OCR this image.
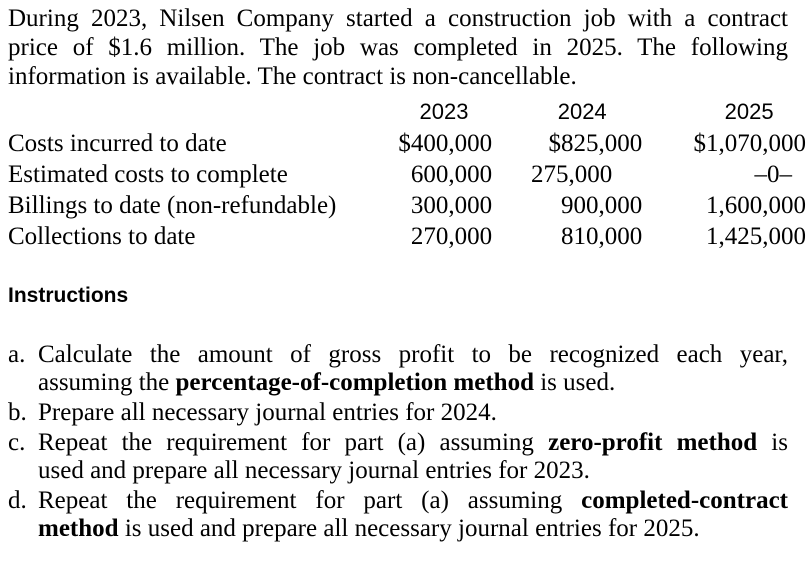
During 2023, Nilsen Company started a construction job with a contract
price of $1.6 million. The job was completed in 2025. The following
information is available. The contract is non-cancellable.
	2023	2024	2025
Costs incurred to date	$400,000	$825,000	$1,070,000
Estimated costs to complete	600,000	275,000	–0–
Billings to date (non-refundable)	300,000	900,000	1,600,000
Collections to date	270,000	810,000	1,425,000
Instructions
a. Calculate the amount of gross profit to be recognized each year,
assuming the percentage-of-completion method is used.
b. Prepare all necessary journal entries for 2024.
c. Repeat the requirement for part (a) assuming zero-profit method is
used and prepare all necessary journal entries for 2023.
d. Repeat the requirement for part (a) assuming completed-contract
method is used and prepare all necessary journal entries for 2025.
